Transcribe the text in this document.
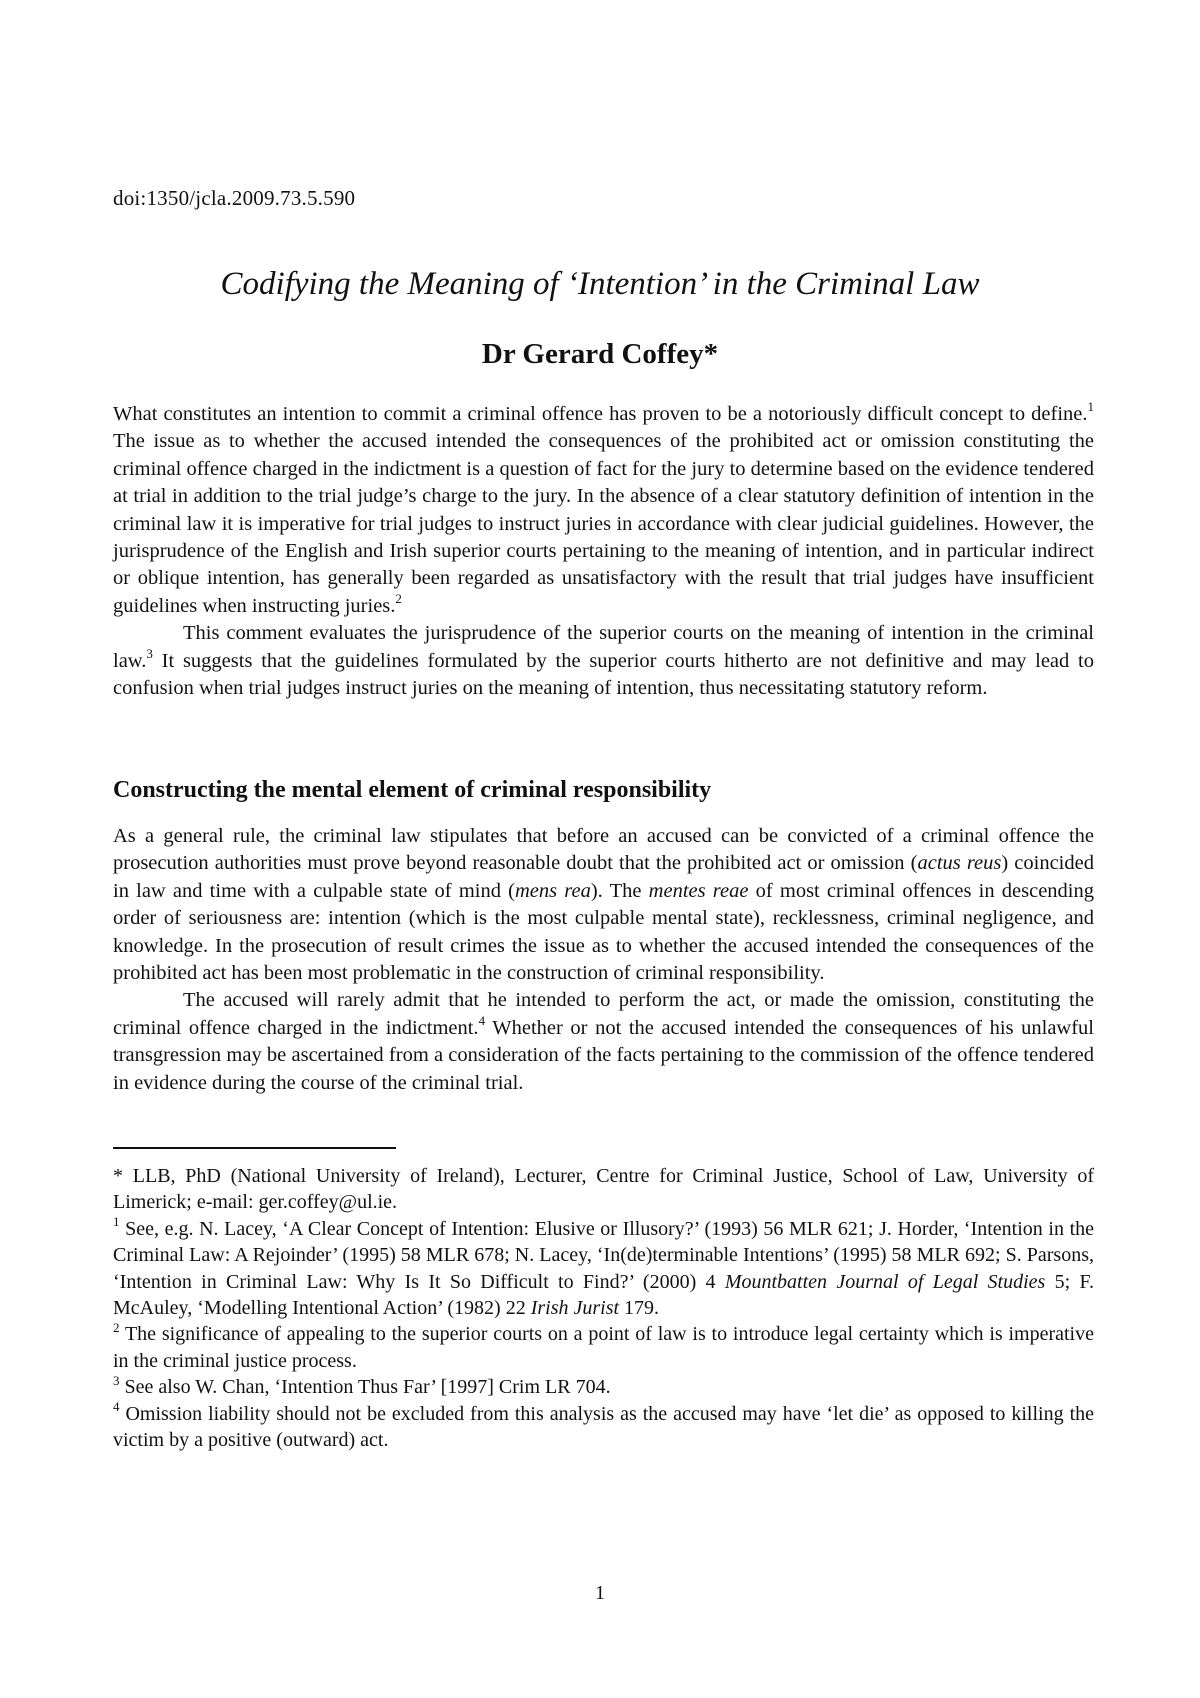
doi:1350/jcla.2009.73.5.590
Codifying the Meaning of ‘Intention’ in the Criminal Law
Dr Gerard Coffey*

What constitutes an intention to commit a criminal offence has proven to be a notoriously difficult concept to define.$^1$ The issue as to whether the accused intended the consequences of the prohibited act or omission constituting the criminal offence charged in the indictment is a question of fact for the jury to determine based on the evidence tendered at trial in addition to the trial judge’s charge to the jury. In the absence of a clear statutory definition of intention in the criminal law it is imperative for trial judges to instruct juries in accordance with clear judicial guidelines. However, the jurisprudence of the English and Irish superior courts pertaining to the meaning of intention, and in particular indirect or oblique intention, has generally been regarded as unsatisfactory with the result that trial judges have insufficient guidelines when instructing juries.$^2$

This comment evaluates the jurisprudence of the superior courts on the meaning of intention in the criminal law.$^3$ It suggests that the guidelines formulated by the superior courts hitherto are not definitive and may lead to confusion when trial judges instruct juries on the meaning of intention, thus necessitating statutory reform.

Constructing the mental element of criminal responsibility

As a general rule, the criminal law stipulates that before an accused can be convicted of a criminal offence the prosecution authorities must prove beyond reasonable doubt that the prohibited act or omission (actus reus) coincided in law and time with a culpable state of mind (mens rea). The mentes reae of most criminal offences in descending order of seriousness are: intention (which is the most culpable mental state), recklessness, criminal negligence, and knowledge. In the prosecution of result crimes the issue as to whether the accused intended the consequences of the prohibited act has been most problematic in the construction of criminal responsibility.

The accused will rarely admit that he intended to perform the act, or made the omission, constituting the criminal offence charged in the indictment.$^4$ Whether or not the accused intended the consequences of his unlawful transgression may be ascertained from a consideration of the facts pertaining to the commission of the offence tendered in evidence during the course of the criminal trial.

* LLB, PhD (National University of Ireland), Lecturer, Centre for Criminal Justice, School of Law, University of Limerick; e-mail: ger.coffey@ul.ie.

$^1$ See, e.g. N. Lacey, ‘A Clear Concept of Intention: Elusive or Illusory?’ (1993) 56 MLR 621; J. Horder, ‘Intention in the Criminal Law: A Rejoinder’ (1995) 58 MLR 678; N. Lacey, ‘In(de)terminable Intentions’ (1995) 58 MLR 692; S. Parsons, ‘Intention in Criminal Law: Why Is It So Difficult to Find?’ (2000) 4 Mountbatten Journal of Legal Studies 5; F. McAuley, ‘Modelling Intentional Action’ (1982) 22 Irish Jurist 179.

$^2$ The significance of appealing to the superior courts on a point of law is to introduce legal certainty which is imperative in the criminal justice process.

$^3$ See also W. Chan, ‘Intention Thus Far’ [1997] Crim LR 704.

$^4$ Omission liability should not be excluded from this analysis as the accused may have ‘let die’ as opposed to killing the victim by a positive (outward) act.

1
